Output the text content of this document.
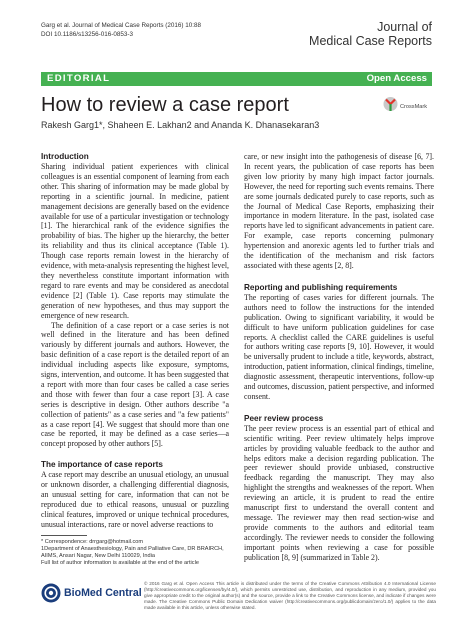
Garg et al. Journal of Medical Case Reports (2016) 10:88
DOI 10.1186/s13256-016-0853-3
Journal of
Medical Case Reports
EDITORIAL	Open Access
How to review a case report	CrossMark
Rakesh Garg1*, Shaheen E. Lakhan2 and Ananda K. Dhanasekaran3
Introduction

Sharing individual patient experiences with clinical colleagues is an essential component of learning from each other. This sharing of information may be made global by reporting in a scientific journal. In medicine, patient management decisions are generally based on the evidence available for use of a particular investigation or technology [1]. The hierarchical rank of the evidence signifies the probability of bias. The higher up the hierarchy, the better its reliability and thus its clinical acceptance (Table 1). Though case reports remain lowest in the hierarchy of evidence, with meta-analysis representing the highest level, they nevertheless constitute important information with regard to rare events and may be considered as anecdotal evidence [2] (Table 1). Case reports may stimulate the generation of new hypotheses, and thus may support the emergence of new research.

The definition of a case report or a case series is not well defined in the literature and has been defined variously by different journals and authors. However, the basic definition of a case report is the detailed report of an individual including aspects like exposure, symptoms, signs, intervention, and outcome. It has been suggested that a report with more than four cases be called a case series and those with fewer than four a case report [3]. A case series is descriptive in design. Other authors describe "a collection of patients" as a case series and "a few patients" as a case report [4]. We suggest that should more than one case be reported, it may be defined as a case series—a concept proposed by other authors [5].

The importance of case reports

A case report may describe an unusual etiology, an unusual or unknown disorder, a challenging differential diagnosis, an unusual setting for care, information that can not be reproduced due to ethical reasons, unusual or puzzling clinical features, improved or unique technical procedures, unusual interactions, rare or novel adverse reactions to

care, or new insight into the pathogenesis of disease [6, 7]. In recent years, the publication of case reports has been given low priority by many high impact factor journals. However, the need for reporting such events remains. There are some journals dedicated purely to case reports, such as the Journal of Medical Case Reports, emphasizing their importance in modern literature. In the past, isolated case reports have led to significant advancements in patient care. For example, case reports concerning pulmonary hypertension and anorexic agents led to further trials and the identification of the mechanism and risk factors associated with these agents [2, 8].

Reporting and publishing requirements

The reporting of cases varies for different journals. The authors need to follow the instructions for the intended publication. Owing to significant variability, it would be difficult to have uniform publication guidelines for case reports. A checklist called the CARE guidelines is useful for authors writing case reports [9, 10]. However, it would be universally prudent to include a title, keywords, abstract, introduction, patient information, clinical findings, timeline, diagnostic assessment, therapeutic interventions, follow-up and outcomes, discussion, patient perspective, and informed consent.

Peer review process

The peer review process is an essential part of ethical and scientific writing. Peer review ultimately helps improve articles by providing valuable feedback to the author and helps editors make a decision regarding publication. The peer reviewer should provide unbiased, constructive feedback regarding the manuscript. They may also highlight the strengths and weaknesses of the report. When reviewing an article, it is prudent to read the entire manuscript first to understand the overall content and message. The reviewer may then read section-wise and provide comments to the authors and editorial team accordingly. The reviewer needs to consider the following important points when reviewing a case for possible publication [8, 9] (summarized in Table 2).

* Correspondence: drrgarg@hotmail.com
1Department of Anaesthesiology, Pain and Palliative Care, DR BRAIRCH,
AIIMS, Ansari Nagar, New Delhi 110029, India
Full list of author information is available at the end of the article
BioMed Central
© 2016 Garg et al. Open Access This article is distributed under the terms of the Creative Commons Attribution 4.0 International License (http://creativecommons.org/licenses/by/4.0/), which permits unrestricted use, distribution, and reproduction in any medium, provided you give appropriate credit to the original author(s) and the source, provide a link to the Creative Commons license, and indicate if changes were made. The Creative Commons Public Domain Dedication waiver (http://creativecommons.org/publicdomain/zero/1.0/) applies to the data made available in this article, unless otherwise stated.
